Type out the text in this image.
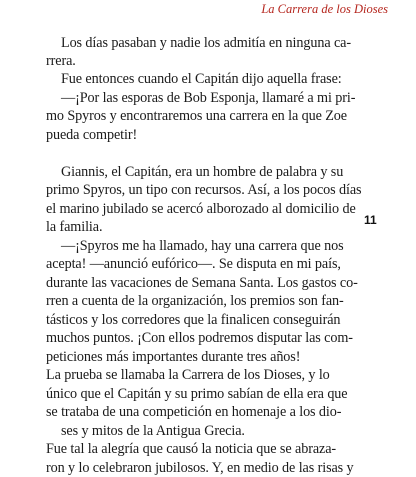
La Carrera de los Dioses
11
Los días pasaban y nadie los admitía en ninguna ca-
rrera.
Fue entonces cuando el Capitán dijo aquella frase:
—¡Por las esporas de Bob Esponja, llamaré a mi pri-
mo Spyros y encontraremos una carrera en la que Zoe
pueda competir!
Giannis, el Capitán, era un hombre de palabra y su
primo Spyros, un tipo con recursos. Así, a los pocos días
el marino jubilado se acercó alborozado al domicilio de
la familia.
—¡Spyros me ha llamado, hay una carrera que nos
acepta! —anunció eufórico—. Se disputa en mi país,
durante las vacaciones de Semana Santa. Los gastos co-
rren a cuenta de la organización, los premios son fan-
tásticos y los corredores que la finalicen conseguirán
muchos puntos. ¡Con ellos podremos disputar las com-
peticiones más importantes durante tres años!
La prueba se llamaba la Carrera de los Dioses, y lo
único que el Capitán y su primo sabían de ella era que
se trataba de una competición en homenaje a los dio-
ses y mitos de la Antigua Grecia.
Fue tal la alegría que causó la noticia que se abraza-
ron y lo celebraron jubilosos. Y, en medio de las risas y
